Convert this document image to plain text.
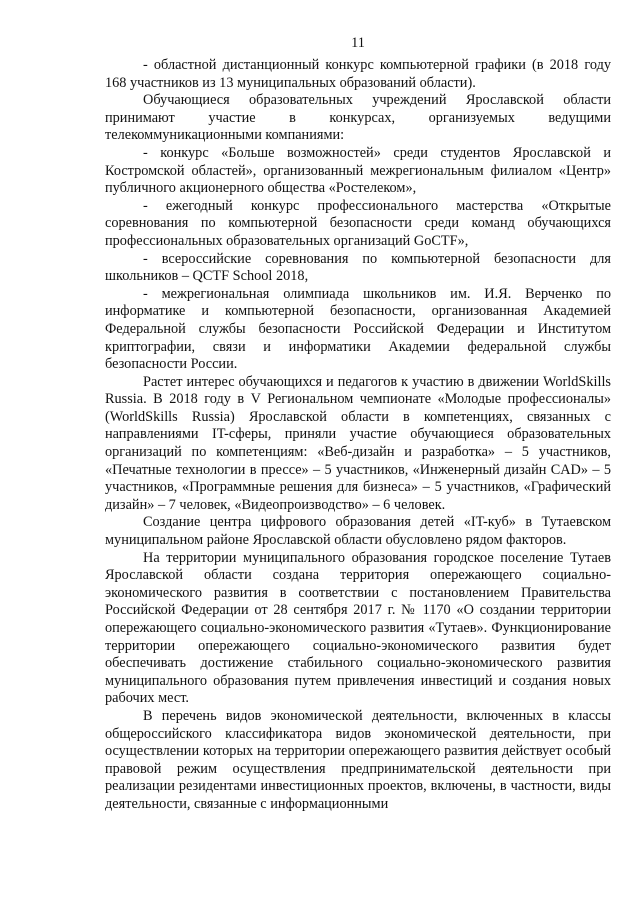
11

- областной дистанционный конкурс компьютерной графики (в 2018 году 168 участников из 13 муниципальных образований области).

Обучающиеся образовательных учреждений Ярославской области принимают участие в конкурсах, организуемых ведущими телекоммуникационными компаниями:

- конкурс «Больше возможностей» среди студентов Ярославской и Костромской областей», организованный межрегиональным филиалом «Центр» публичного акционерного общества «Ростелеком»,

- ежегодный конкурс профессионального мастерства «Открытые соревнования по компьютерной безопасности среди команд обучающихся профессиональных образовательных организаций GoCTF»,

- всероссийские соревнования по компьютерной безопасности для школьников – QCTF School 2018,

- межрегиональная олимпиада школьников им. И.Я. Верченко по информатике и компьютерной безопасности, организованная Академией Федеральной службы безопасности Российской Федерации и Институтом криптографии, связи и информатики Академии федеральной службы безопасности России.

Растет интерес обучающихся и педагогов к участию в движении WorldSkills Russia. В 2018 году в V Региональном чемпионате «Молодые профессионалы» (WorldSkills Russia) Ярославской области в компетенциях, связанных с направлениями IT-сферы, приняли участие обучающиеся образовательных организаций по компетенциям: «Веб-дизайн и разработка» – 5 участников, «Печатные технологии в прессе» – 5 участников, «Инженерный дизайн CAD» – 5 участников, «Программные решения для бизнеса» – 5 участников, «Графический дизайн» – 7 человек, «Видеопроизводство» – 6 человек.

Создание центра цифрового образования детей «IT-куб» в Тутаевском муниципальном районе Ярославской области обусловлено рядом факторов.

На территории муниципального образования городское поселение Тутаев Ярославской области создана территория опережающего социально-экономического развития в соответствии с постановлением Правительства Российской Федерации от 28 сентября 2017 г. № 1170 «О создании территории опережающего социально-экономического развития «Тутаев». Функционирование территории опережающего социально-экономического развития будет обеспечивать достижение стабильного социально-экономического развития муниципального образования путем привлечения инвестиций и создания новых рабочих мест.

В перечень видов экономической деятельности, включенных в классы общероссийского классификатора видов экономической деятельности, при осуществлении которых на территории опережающего развития действует особый правовой режим осуществления предпринимательской деятельности при реализации резидентами инвестиционных проектов, включены, в частности, виды деятельности, связанные с информационными
